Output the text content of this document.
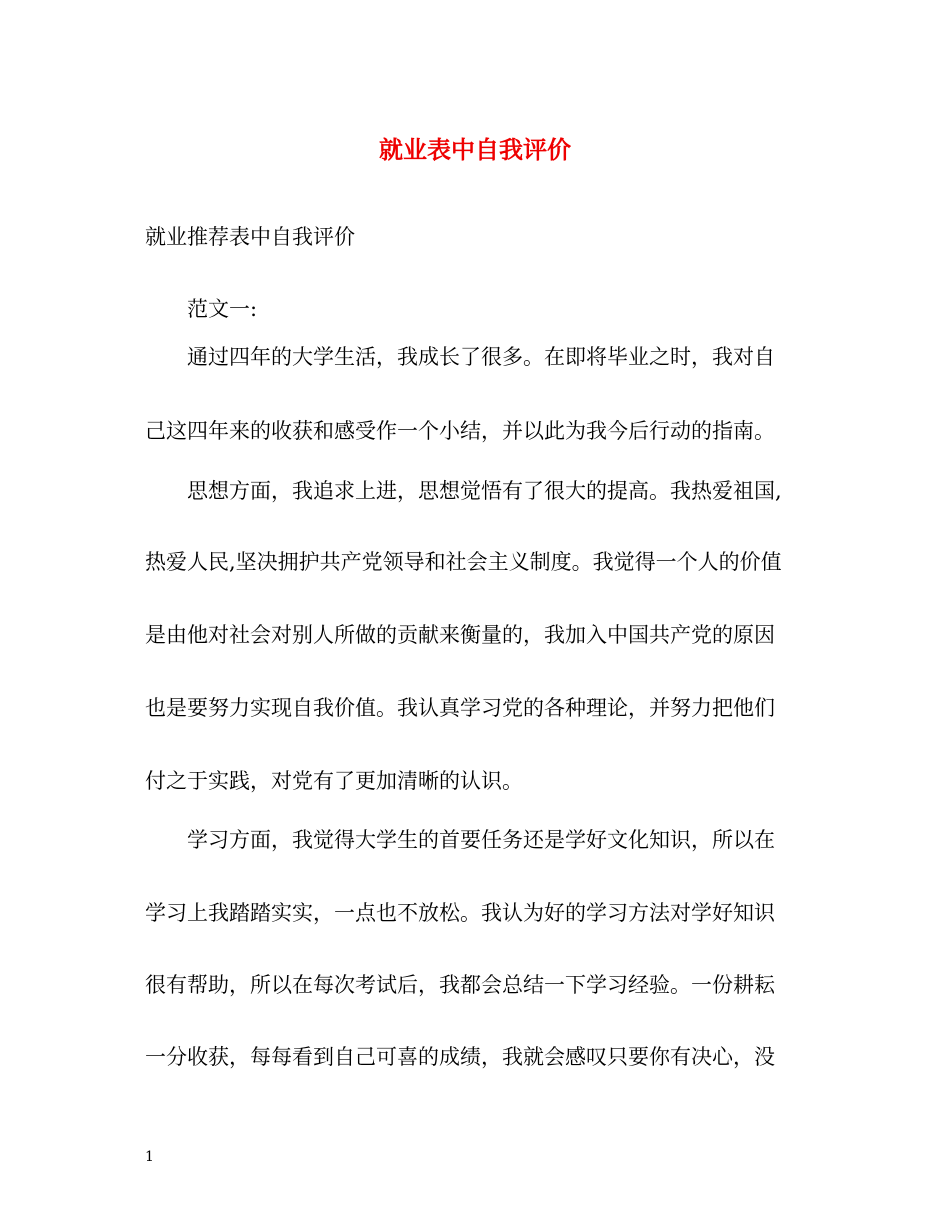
就业表中自我评价

就业推荐表中自我评价

范文一:

通过四年的大学生活，我成长了很多。在即将毕业之时，我对自

己这四年来的收获和感受作一个小结，并以此为我今后行动的指南。

思想方面，我追求上进，思想觉悟有了很大的提高。我热爱祖国,

热爱人民,坚决拥护共产党领导和社会主义制度。我觉得一个人的价值

是由他对社会对别人所做的贡献来衡量的，我加入中国共产党的原因

也是要努力实现自我价值。我认真学习党的各种理论，并努力把他们

付之于实践，对党有了更加清晰的认识。

学习方面，我觉得大学生的首要任务还是学好文化知识，所以在

学习上我踏踏实实，一点也不放松。我认为好的学习方法对学好知识

很有帮助，所以在每次考试后，我都会总结一下学习经验。一份耕耘

一分收获，每每看到自己可喜的成绩，我就会感叹只要你有决心，没

1
